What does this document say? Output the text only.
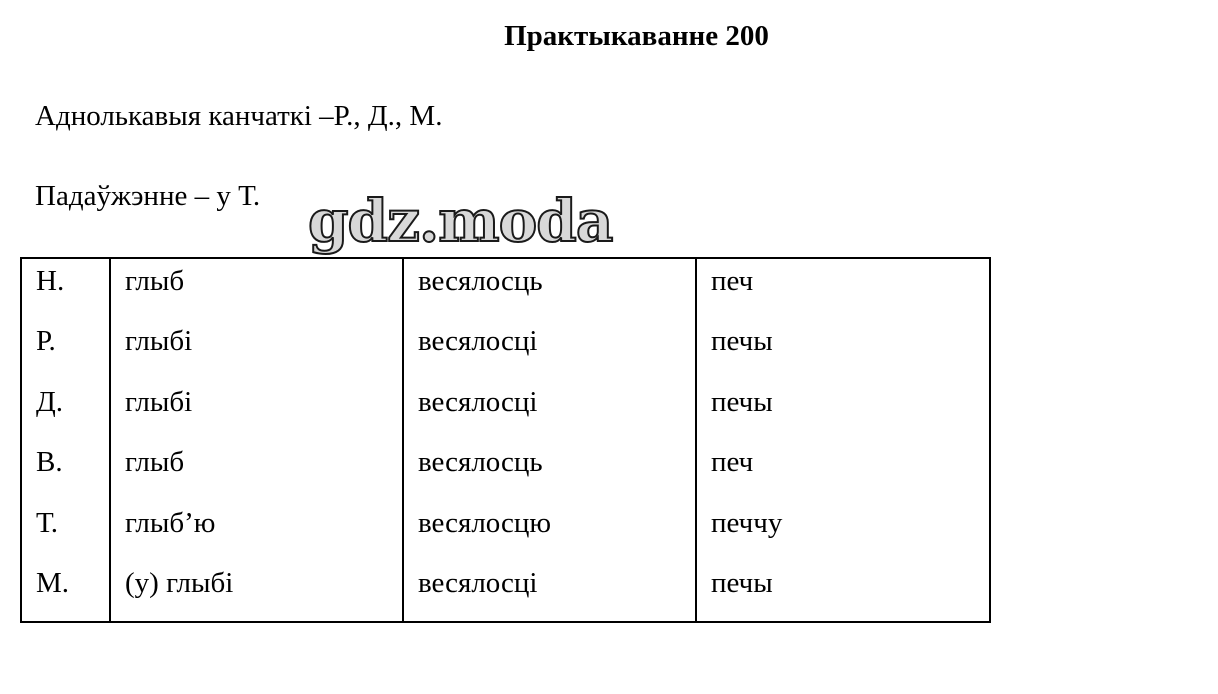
Практыкаванне 200
Аднолькавыя канчаткі –Р., Д., М.
Падаўжэнне – у Т.
Н.	глыб	весялосць	печ
Р.	глыбі	весялосці	печы
Д.	глыбі	весялосці	печы
В.	глыб	весялосць	печ
Т.	глыб’ю	весялосцю	печчу
М.	(у) глыбі	весялосці	печы
gdz.moda
